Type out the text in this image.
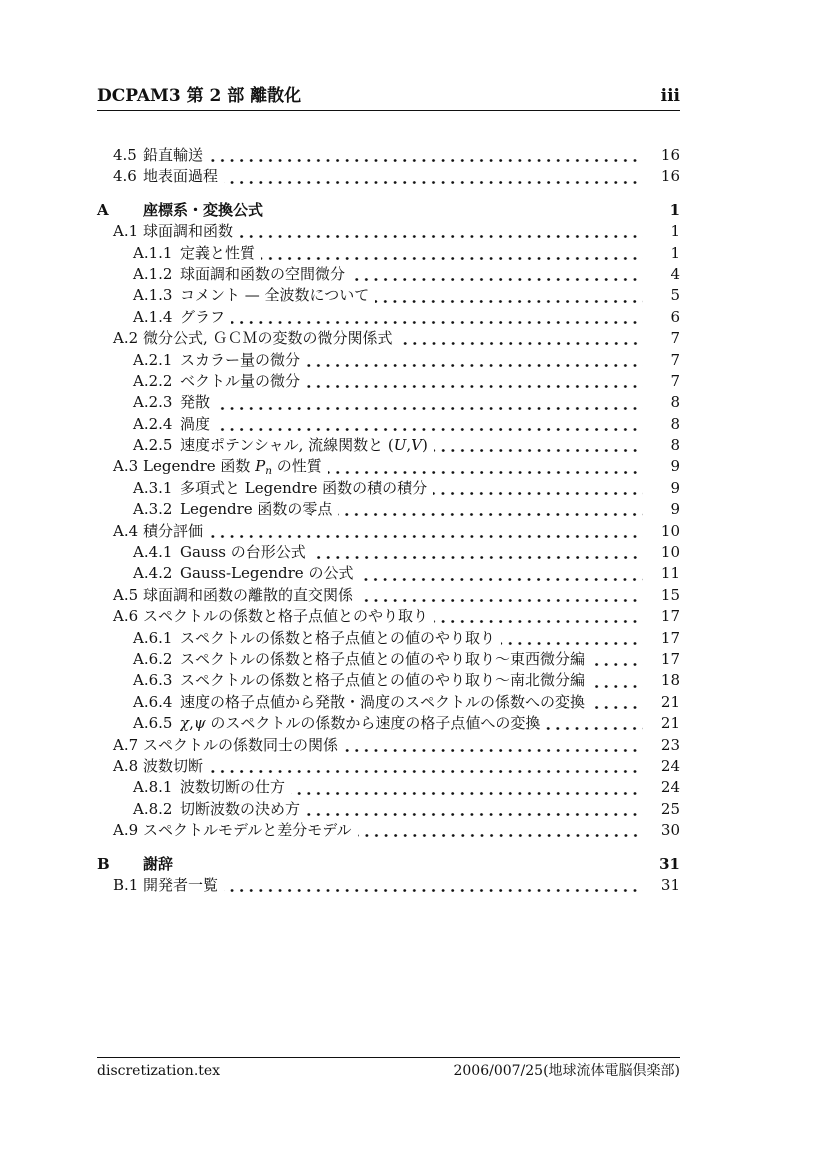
DCPAM3 第 2 部 離散化	iii
4.5 鉛直輸送	16
4.6 地表面過程	16
A	座標系・変換公式	1
A.1 球面調和函数	1
A.1.1 定義と性質	1
A.1.2 球面調和函数の空間微分	4
A.1.3 コメント — 全波数について	5
A.1.4 グラフ	6
A.2 微分公式, ＧＣＭの変数の微分関係式	7
A.2.1 スカラー量の微分	7
A.2.2 ベクトル量の微分	7
A.2.3 発散	8
A.2.4 渦度	8
A.2.5 速度ポテンシャル, 流線関数と (U,V)	8
A.3 Legendre 函数 $P_n$ の性質	9
A.3.1 多項式と Legendre 函数の積の積分	9
A.3.2 Legendre 函数の零点	9
A.4 積分評価	10
A.4.1 Gauss の台形公式	10
A.4.2 Gauss-Legendre の公式	11
A.5 球面調和函数の離散的直交関係	15
A.6 スペクトルの係数と格子点値とのやり取り	17
A.6.1 スペクトルの係数と格子点値との値のやり取り	17
A.6.2 スペクトルの係数と格子点値との値のやり取り～東西微分編	17
A.6.3 スペクトルの係数と格子点値との値のやり取り～南北微分編	18
A.6.4 速度の格子点値から発散・渦度のスペクトルの係数への変換	21
A.6.5 χ,ψ のスペクトルの係数から速度の格子点値への変換	21
A.7 スペクトルの係数同士の関係	23
A.8 波数切断	24
A.8.1 波数切断の仕方	24
A.8.2 切断波数の決め方	25
A.9 スペクトルモデルと差分モデル	30
B	謝辞	31
B.1 開発者一覧	31
discretization.tex	2006/007/25(地球流体電脳倶楽部)
